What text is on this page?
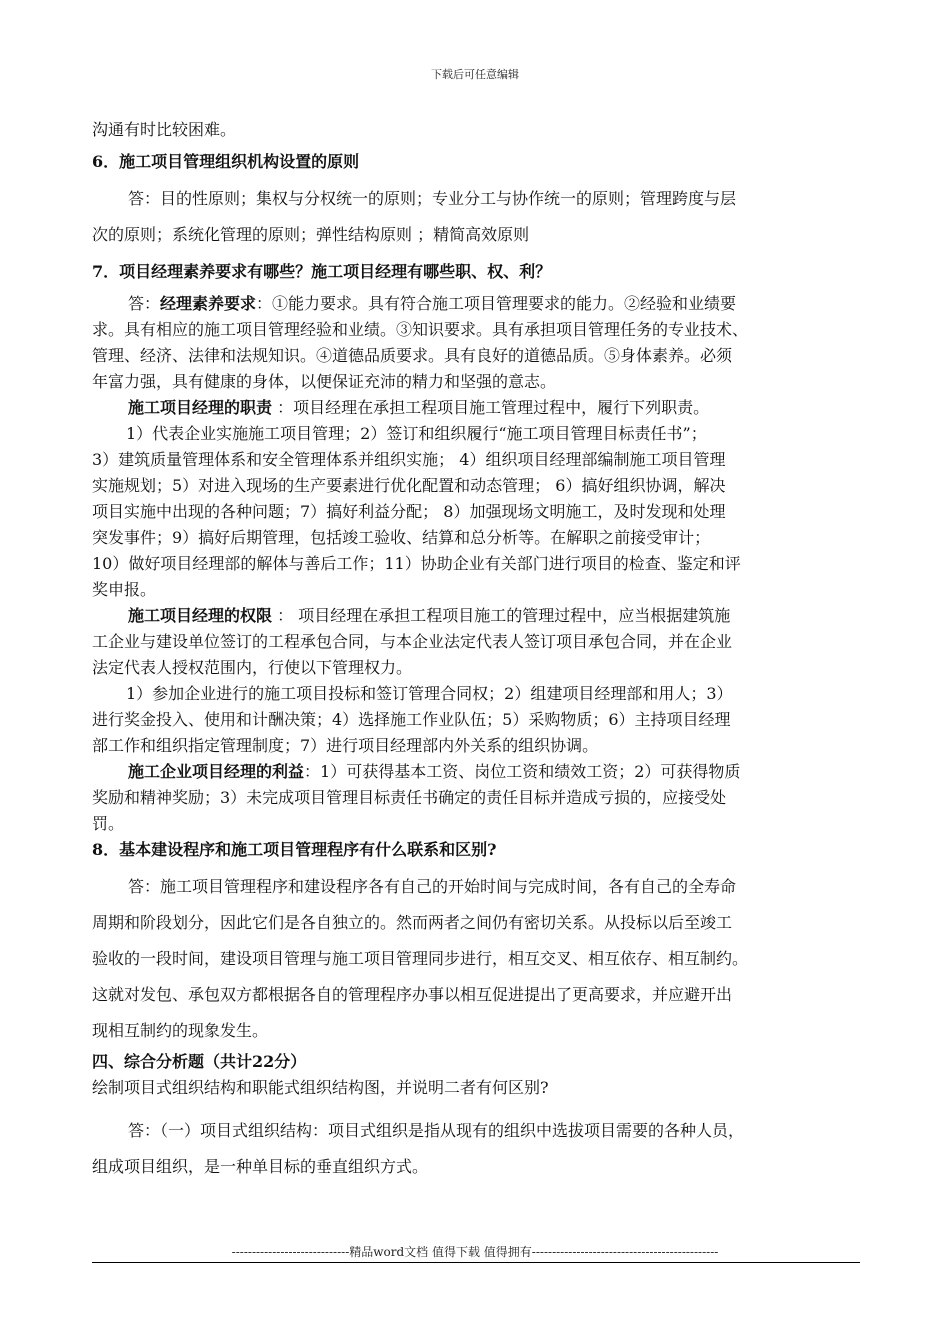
下载后可任意编辑
沟通有时比较困难。
6．施工项目管理组织机构设置的原则
答：目的性原则；集权与分权统一的原则；专业分工与协作统一的原则；管理跨度与层
次的原则；系统化管理的原则；弹性结构原则 ；精简高效原则
7．项目经理素养要求有哪些？施工项目经理有哪些职、权、利？
答：经理素养要求：①能力要求。具有符合施工项目管理要求的能力。②经验和业绩要
求。具有相应的施工项目管理经验和业绩。③知识要求。具有承担项目管理任务的专业技术、
管理、经济、法律和法规知识。④道德品质要求。具有良好的道德品质。⑤身体素养。必须
年富力强，具有健康的身体，以便保证充沛的精力和坚强的意志。
施工项目经理的职责 ：项目经理在承担工程项目施工管理过程中，履行下列职责。
1）代表企业实施施工项目管理；2）签订和组织履行“施工项目管理目标责任书”；
3）建筑质量管理体系和安全管理体系并组织实施； 4）组织项目经理部编制施工项目管理
实施规划；5）对进入现场的生产要素进行优化配置和动态管理； 6）搞好组织协调，解决
项目实施中出现的各种问题；7）搞好利益分配； 8）加强现场文明施工，及时发现和处理
突发事件；9）搞好后期管理，包括竣工验收、结算和总分析等。在解职之前接受审计；
10）做好项目经理部的解体与善后工作；11）协助企业有关部门进行项目的检查、鉴定和评
奖申报。
施工项目经理的权限 ： 项目经理在承担工程项目施工的管理过程中，应当根据建筑施
工企业与建设单位签订的工程承包合同，与本企业法定代表人签订项目承包合同，并在企业
法定代表人授权范围内，行使以下管理权力。
1）参加企业进行的施工项目投标和签订管理合同权；2）组建项目经理部和用人；3）
进行奖金投入、使用和计酬决策；4）选择施工作业队伍；5）采购物质；6）主持项目经理
部工作和组织指定管理制度；7）进行项目经理部内外关系的组织协调。
施工企业项目经理的利益：1）可获得基本工资、岗位工资和绩效工资；2）可获得物质
奖励和精神奖励；3）未完成项目管理目标责任书确定的责任目标并造成亏损的，应接受处
罚。
8．基本建设程序和施工项目管理程序有什么联系和区别?
答：施工项目管理程序和建设程序各有自己的开始时间与完成时间，各有自己的全寿命
周期和阶段划分，因此它们是各自独立的。然而两者之间仍有密切关系。从投标以后至竣工
验收的一段时间，建设项目管理与施工项目管理同步进行，相互交叉、相互依存、相互制约。
这就对发包、承包双方都根据各自的管理程序办事以相互促进提出了更高要求，并应避开出
现相互制约的现象发生。
四、综合分析题（共计22分）
绘制项目式组织结构和职能式组织结构图，并说明二者有何区别?
答：（一）项目式组织结构：项目式组织是指从现有的组织中选拔项目需要的各种人员，
组成项目组织，是一种单目标的垂直组织方式。
-----------------------------精品word文档 值得下载 值得拥有----------------------------------------------
